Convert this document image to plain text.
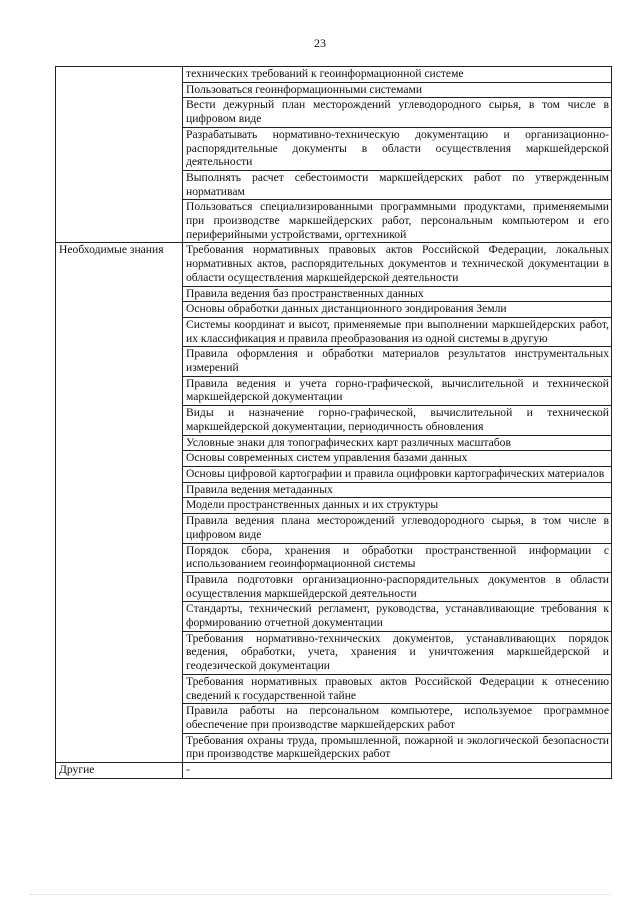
23
	технических требований к геоинформационной системе
	Пользоваться геоинформационными системами
	Вести дежурный план месторождений углеводородного сырья, в том числе в цифровом виде
	Разрабатывать нормативно-техническую документацию и организационно-распорядительные документы в области осуществления маркшейдерской деятельности
	Выполнять расчет себестоимости маркшейдерских работ по утвержденным нормативам
	Пользоваться специализированными программными продуктами, применяемыми при производстве маркшейдерских работ, персональным компьютером и его периферийными устройствами, оргтехникой
Необходимые знания	Требования нормативных правовых актов Российской Федерации, локальных нормативных актов, распорядительных документов и технической документации в области осуществления маркшейдерской деятельности
	Правила ведения баз пространственных данных
	Основы обработки данных дистанционного зондирования Земли
	Системы координат и высот, применяемые при выполнении маркшейдерских работ, их классификация и правила преобразования из одной системы в другую
	Правила оформления и обработки материалов результатов инструментальных измерений
	Правила ведения и учета горно-графической, вычислительной и технической маркшейдерской документации
	Виды и назначение горно-графической, вычислительной и технической маркшейдерской документации, периодичность обновления
	Условные знаки для топографических карт различных масштабов
	Основы современных систем управления базами данных
	Основы цифровой картографии и правила оцифровки картографических материалов
	Правила ведения метаданных
	Модели пространственных данных и их структуры
	Правила ведения плана месторождений углеводородного сырья, в том числе в цифровом виде
	Порядок сбора, хранения и обработки пространственной информации с использованием геоинформационной системы
	Правила подготовки организационно-распорядительных документов в области осуществления маркшейдерской деятельности
	Стандарты, технический регламент, руководства, устанавливающие требования к формированию отчетной документации
	Требования нормативно-технических документов, устанавливающих порядок ведения, обработки, учета, хранения и уничтожения маркшейдерской и геодезической документации
	Требования нормативных правовых актов Российской Федерации к отнесению сведений к государственной тайне
	Правила работы на персональном компьютере, используемое программное обеспечение при производстве маркшейдерских работ
	Требования охраны труда, промышленной, пожарной и экологической безопасности при производстве маркшейдерских работ
Другие	-
